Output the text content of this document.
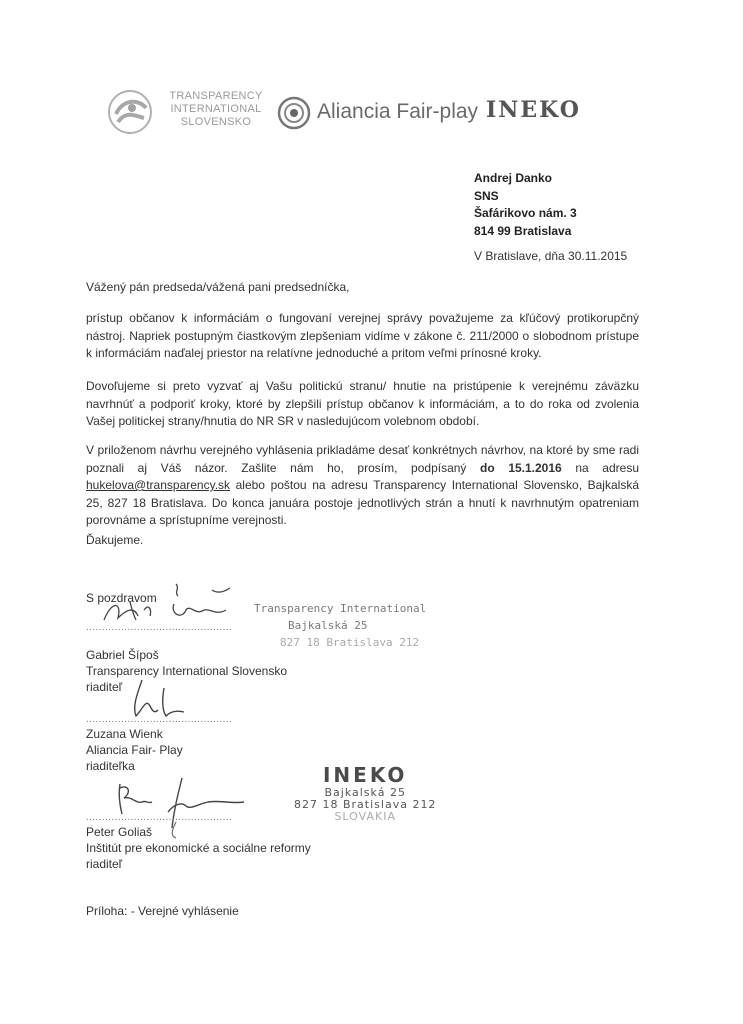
TRANSPARENCY
INTERNATIONAL
SLOVENSKO	Aliancia Fair-play INEKO
Andrej Danko
SNS
Šafárikovo nám. 3
814 99 Bratislava
V Bratislave, dňa 30.11.2015
Vážený pán predseda/vážená pani predsedníčka,
prístup občanov k informáciám o fungovaní verejnej správy považujeme za kľúčový protikorupčný nástroj. Napriek postupným čiastkovým zlepšeniam vidíme v zákone č. 211/2000 o slobodnom prístupe k informáciám naďalej priestor na relatívne jednoduché a pritom veľmi prínosné kroky.
Dovoľujeme si preto vyzvať aj Vašu politickú stranu/ hnutie na pristúpenie k verejnému záväzku navrhnúť a podporiť kroky, ktoré by zlepšili prístup občanov k informáciám, a to do roka od zvolenia Vašej politickej strany/hnutia do NR SR v nasledujúcom volebnom období.
V priloženom návrhu verejného vyhlásenia prikladáme desať konkrétnych návrhov, na ktoré by sme radi poznali aj Váš názor. Zašlite nám ho, prosím, podpísaný do 15.1.2016 na adresu hukelova@transparency.sk alebo poštou na adresu Transparency International Slovensko, Bajkalská 25, 827 18 Bratislava. Do konca januára postoje jednotlivých strán a hnutí k navrhnutým opatreniam porovnáme a sprístupníme verejnosti.
Ďakujeme.
S pozdravom
..............................................
Transparency International
Bajkalská 25
827 18 Bratislava 212
Gabriel Šípoš
Transparency International Slovensko
riaditeľ
..............................................
Zuzana Wienk
Aliancia Fair- Play
riaditeľka	INEKO
Bajkalská 25
827 18 Bratislava 212
SLOVAKIA
..............................................
Peter Goliaš
Inštitút pre ekonomické a sociálne reformy
riaditeľ
Príloha: - Verejné vyhlásenie
